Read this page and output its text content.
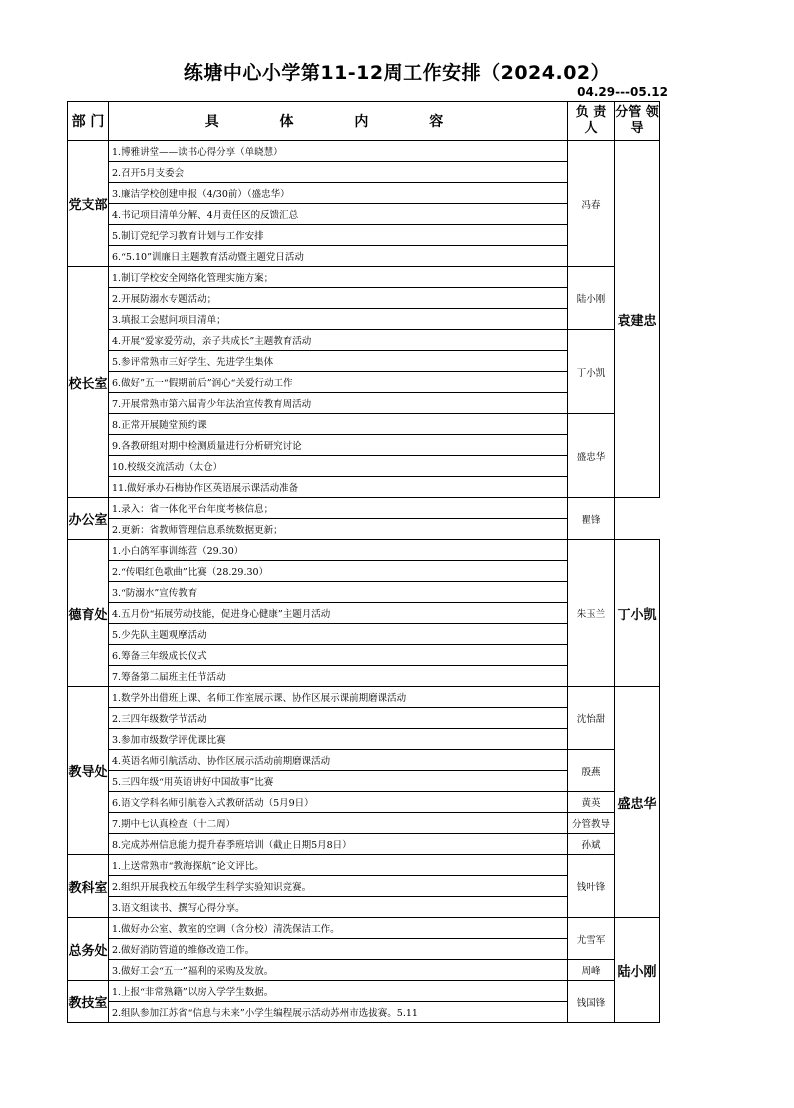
练塘中心小学第11-12周工作安排（2024.02）
04.29---05.12
部 门	具 体 内 容	负 责 人	分管 领导
党支部	1.博雅讲堂——读书心得分享（单晓慧）	冯春	袁建忠
	2.召开5月支委会		
	3.廉洁学校创建申报（4/30前）（盛忠华）		
	4.书记项目清单分解、4月责任区的反馈汇总		
	5.制订党纪学习教育计划与工作安排		
	6.“5.10”训廉日主题教育活动暨主题党日活动		
校长室	1.制订学校安全网络化管理实施方案；	陆小刚	
	2.开展防溺水专题活动；		
	3.填报工会慰问项目清单；		
	4.开展“爱家爱劳动，亲子共成长”主题教育活动	丁小凯	
	5.参评常熟市三好学生、先进学生集体		
	6.做好”五一“假期前后”润心“关爱行动工作		
	7.开展常熟市第六届青少年法治宣传教育周活动		
	8.正常开展随堂预约课	盛忠华	
	9.各教研组对期中检测质量进行分析研究讨论		
	10.校级交流活动（太仓）		
	11.做好承办石梅协作区英语展示课活动准备		
办公室	1.录入：省一体化平台年度考核信息；	瞿锋	
	2.更新：省教师管理信息系统数据更新；		
德育处	1.小白鸽军事训练营（29.30）	朱玉兰	丁小凯
	2.“传唱红色歌曲”比赛（28.29.30）		
	3.“防溺水”宣传教育		
	4.五月份“拓展劳动技能，促进身心健康”主题月活动		
	5.少先队主题观摩活动		
	6.筹备三年级成长仪式		
	7.筹备第二届班主任节活动		
教导处	1.数学外出借班上课、名师工作室展示课、协作区展示课前期磨课活动	沈怡甜	盛忠华
	2.三四年级数学节活动		
	3.参加市级数学评优课比赛		
	4.英语名师引航活动、协作区展示活动前期磨课活动	殷燕	
	5.三四年级“用英语讲好中国故事”比赛		
	6.语文学科名师引航卷入式教研活动（5月9日）	黄英	
	7.期中七认真检查（十二周）	分管教导	
	8.完成苏州信息能力提升春季班培训（截止日期5月8日）	孙斌	
教科室	1.上送常熟市“教海探航”论文评比。	钱叶锋	
	2.组织开展我校五年级学生科学实验知识竞赛。		
	3.语文组读书、撰写心得分享。		
总务处	1.做好办公室、教室的空调（含分校）清洗保洁工作。	尤雪军	陆小刚
	2.做好消防管道的维修改造工作。		
	3.做好工会“五一”福利的采购及发放。	周峰	
教技室	1.上报“非常熟籍”以房入学学生数据。	钱国锋	
	2.组队参加江苏省“信息与未来”小学生编程展示活动苏州市选拔赛。5.11		
